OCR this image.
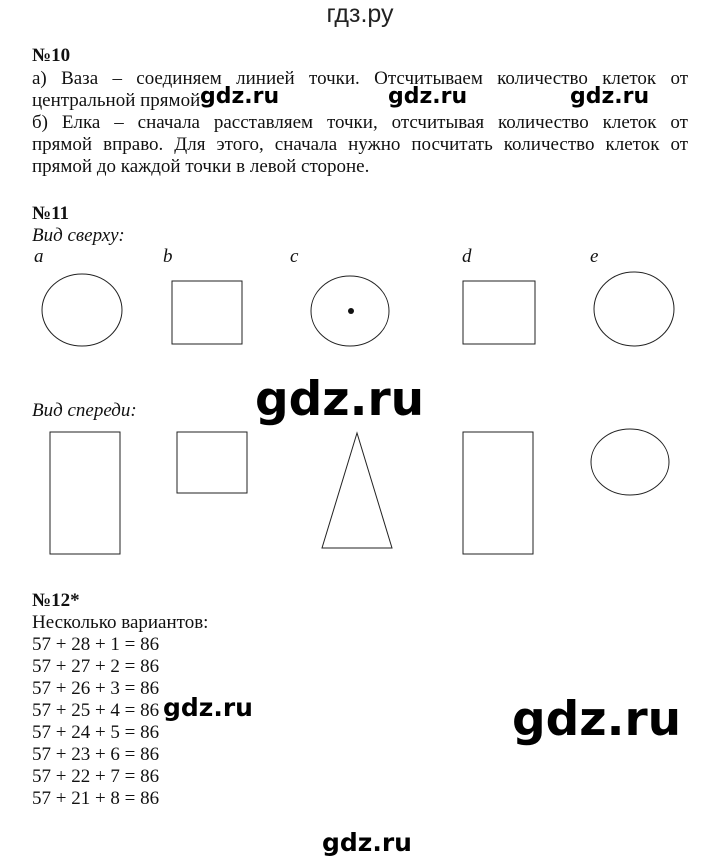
гдз.ру
№10
а) Ваза – соединяем линией точки. Отсчитываем количество клеток от
центральной прямой.
б) Елка – сначала расставляем точки, отсчитывая количество клеток от
прямой вправо. Для этого, сначала нужно посчитать количество клеток от
прямой до каждой точки в левой стороне.
gdz.ru	gdz.ru	gdz.ru
№11
Вид сверху:
a	b	c	d	e
Вид спереди:	gdz.ru
№12*
Несколько вариантов:
57 + 28 + 1 = 86
57 + 27 + 2 = 86
57 + 26 + 3 = 86
57 + 25 + 4 = 86
57 + 24 + 5 = 86
57 + 23 + 6 = 86
57 + 22 + 7 = 86
57 + 21 + 8 = 86
gdz.ru	gdz.ru
gdz.ru
